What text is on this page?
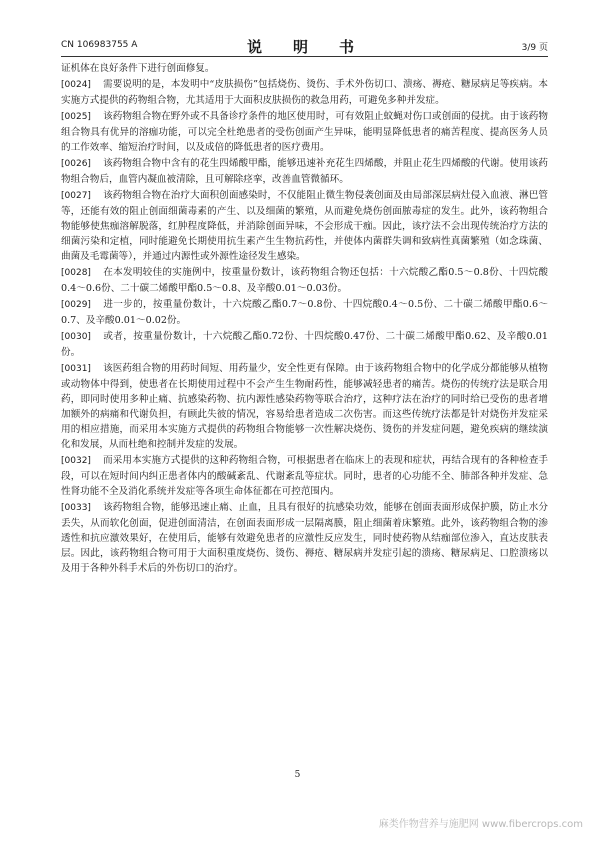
CN 106983755 A	说　明　书	3/9 页

证机体在良好条件下进行创面修复。

[0024] 需要说明的是，本发明中“皮肤损伤”包括烧伤、烫伤、手术外伤切口、溃疡、褥疮、糖尿病足等疾病。本实施方式提供的药物组合物，尤其适用于大面积皮肤损伤的救急用药，可避免多种并发症。

[0025] 该药物组合物在野外或不具备诊疗条件的地区使用时，可有效阻止蚊蝇对伤口或创面的侵扰。由于该药物组合物具有优异的溶痂功能，可以完全杜绝患者的受伤创面产生异味，能明显降低患者的痛苦程度、提高医务人员的工作效率、缩短治疗时间，以及成倍的降低患者的医疗费用。

[0026] 该药物组合物中含有的花生四烯酸甲酯，能够迅速补充花生四烯酸，并阻止花生四烯酸的代谢。使用该药物组合物后，血管内凝血被清除，且可解除痉挛，改善血管微循环。

[0027] 该药物组合物在治疗大面积创面感染时，不仅能阻止微生物侵袭创面及由局部深层病灶侵入血液、淋巴管等，还能有效的阻止创面细菌毒素的产生、以及细菌的繁殖，从而避免烧伤创面脓毒症的发生。此外，该药物组合物能够使焦痂溶解脱落，红肿程度降低，并消除创面异味，不会形成干痂。因此，该疗法不会出现传统治疗方法的细菌污染和定植，同时能避免长期使用抗生素产生生物抗药性，并使体内菌群失调和致病性真菌繁殖（如念珠菌、曲菌及毛霉菌等），并通过内源性或外源性途径发生感染。

[0028] 在本发明较佳的实施例中，按重量份数计，该药物组合物还包括：十六烷酸乙酯0.5～0.8份、十四烷酸0.4～0.6份、二十碳二烯酸甲酯0.5～0.8、及辛酸0.01～0.03份。

[0029] 进一步的，按重量份数计，十六烷酸乙酯0.7～0.8份、十四烷酸0.4～0.5份、二十碳二烯酸甲酯0.6～0.7、及辛酸0.01～0.02份。

[0030] 或者，按重量份数计，十六烷酸乙酯0.72份、十四烷酸0.47份、二十碳二烯酸甲酯0.62、及辛酸0.01份。

[0031] 该医药组合物的用药时间短、用药量少，安全性更有保障。由于该药物组合物中的化学成分都能够从植物或动物体中得到，使患者在长期使用过程中不会产生生物耐药性，能够减轻患者的痛苦。烧伤的传统疗法是联合用药，即同时使用多种止痛、抗感染药物、抗内源性感染药物等联合治疗，这种疗法在治疗的同时给已受伤的患者增加额外的病痛和代谢负担，有顾此失彼的情况，容易给患者造成二次伤害。而这些传统疗法都是针对烧伤并发症采用的相应措施，而采用本实施方式提供的药物组合物能够一次性解决烧伤、烫伤的并发症问题，避免疾病的继续演化和发展，从而杜绝和控制并发症的发展。

[0032] 而采用本实施方式提供的这种药物组合物，可根据患者在临床上的表现和症状，再结合现有的各种检查手段，可以在短时间内纠正患者体内的酸碱紊乱、代谢紊乱等症状。同时，患者的心功能不全、肺部各种并发症、急性肾功能不全及消化系统并发症等各项生命体征都在可控范围内。

[0033] 该药物组合物，能够迅速止痛、止血，且具有很好的抗感染功效，能够在创面表面形成保护膜，防止水分丢失，从而软化创面，促进创面清洁，在创面表面形成一层隔离膜，阻止细菌着床繁殖。此外，该药物组合物的渗透性和抗应激效果好，在使用后，能够有效避免患者的应激性反应发生，同时使药物从结痂部位渗入，直达皮肤表层。因此，该药物组合物可用于大面积重度烧伤、烫伤、褥疮、糖尿病并发症引起的溃疡、糖尿病足、口腔溃疡以及用于各种外科手术后的外伤切口的治疗。

5
麻类作物营养与施肥网 www.fibercrops.com
